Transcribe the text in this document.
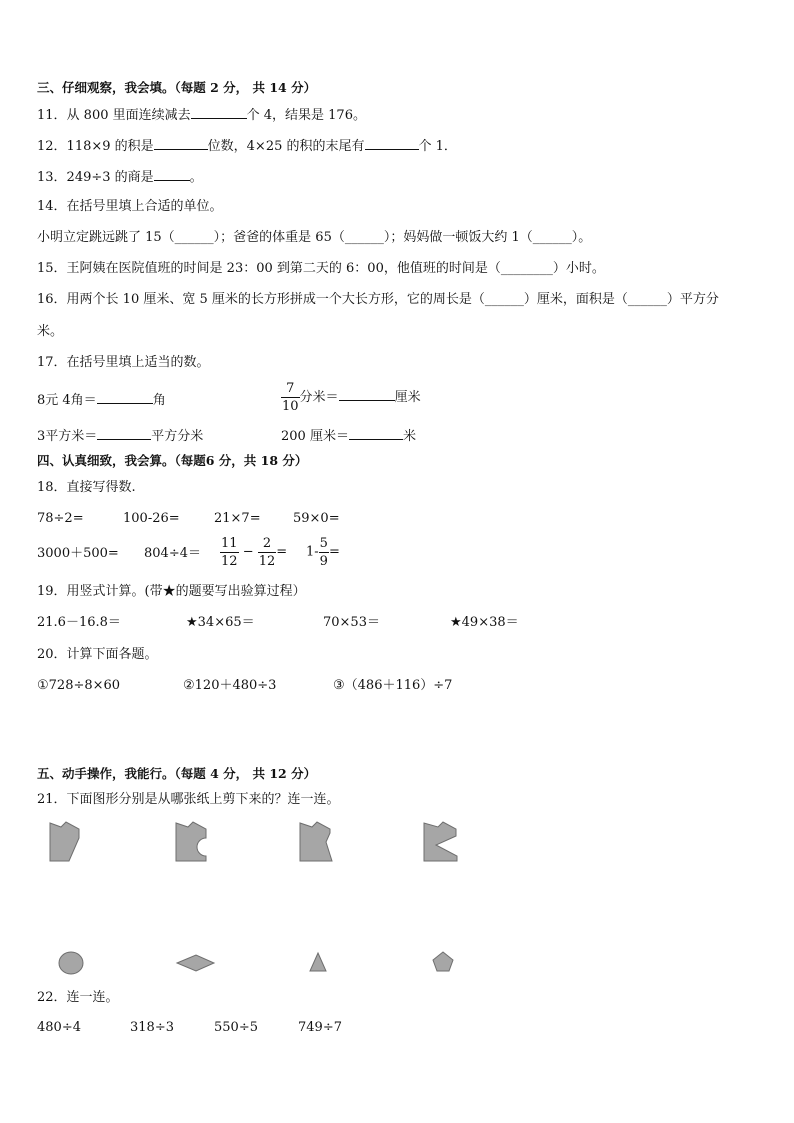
三、仔细观察，我会填。（每题 2 分， 共 14 分）
11．从 800 里面连续减去	个 4，结果是 176。
12．118×9 的积是	位数，4×25 的积的末尾有	个 1．
13．249÷3 的商是	。
14．在括号里填上合适的单位。
小明立定跳远跳了 15（______）；爸爸的体重是 65（______）；妈妈做一顿饭大约 1（______）。
15．王阿姨在医院值班的时间是 23：00 到第二天的 6：00，他值班的时间是（________）小时。
16．用两个长 10 厘米、宽 5 厘米的长方形拼成一个大长方形，它的周长是（______）厘米，面积是（______）平方分
米。
17．在括号里填上适当的数。
8元 4角＝	角	$\frac{7}{10}$ 分米＝	厘米
3平方米＝	平方分米	200 厘米＝	米
四、认真细致，我会算。（每题6 分，共 18 分）
18．直接写得数.
78÷2=	100-26=	21×7= 59×0=
$3000+500= 804\div 4= \frac{11}{12} - \frac{2}{12} = 1- \frac{5}{9}$ =
19．用竖式计算。(带★的题要写出验算过程）
21.6－16.8＝	★34×65＝	70×53＝	★49×38＝
20．计算下面各题。
①728÷8×60	②120＋480÷3	③（486＋116）÷7
五、动手操作，我能行。（每题 4 分， 共 12 分）
21．下面图形分别是从哪张纸上剪下来的？连一连。
22．连一连。
480÷4	318÷3	550÷5	749÷7
